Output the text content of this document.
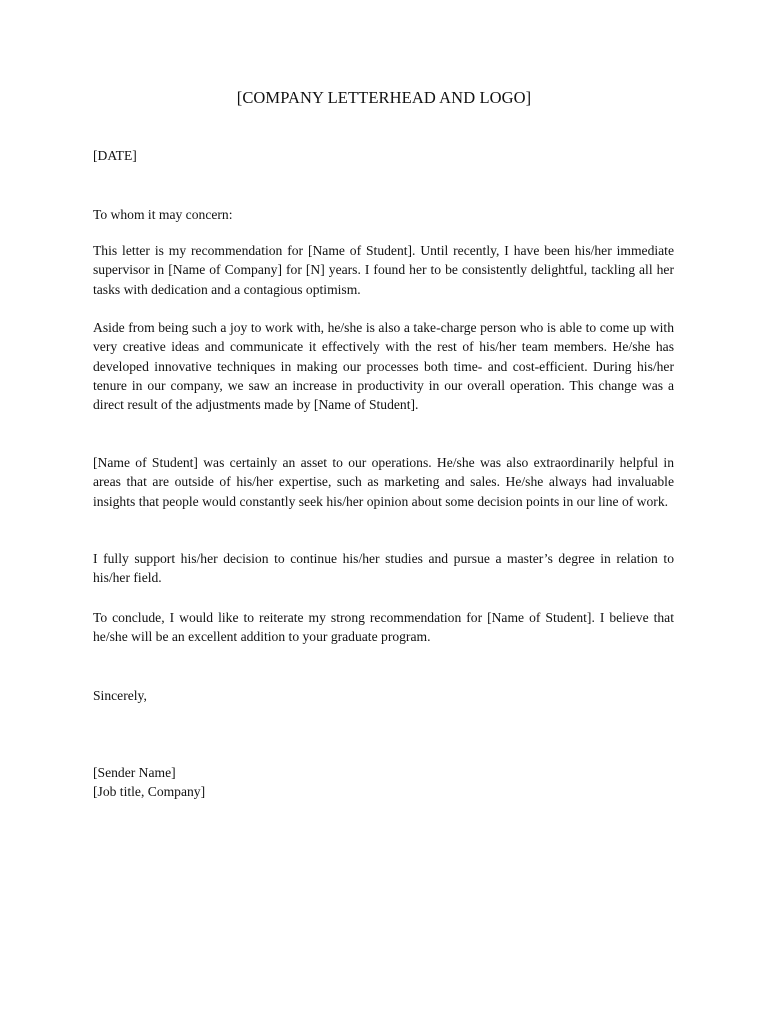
[COMPANY LETTERHEAD AND LOGO]

[DATE]

To whom it may concern:

This letter is my recommendation for [Name of Student]. Until recently, I have been his/her immediate supervisor in [Name of Company] for [N] years. I found her to be consistently delightful, tackling all her tasks with dedication and a contagious optimism.

Aside from being such a joy to work with, he/she is also a take-charge person who is able to come up with very creative ideas and communicate it effectively with the rest of his/her team members. He/she has developed innovative techniques in making our processes both time- and cost-efficient. During his/her tenure in our company, we saw an increase in productivity in our overall operation. This change was a direct result of the adjustments made by [Name of Student].

[Name of Student] was certainly an asset to our operations. He/she was also extraordinarily helpful in areas that are outside of his/her expertise, such as marketing and sales. He/she always had invaluable insights that people would constantly seek his/her opinion about some decision points in our line of work.

I fully support his/her decision to continue his/her studies and pursue a master’s degree in relation to his/her field.

To conclude, I would like to reiterate my strong recommendation for [Name of Student]. I believe that he/she will be an excellent addition to your graduate program.

Sincerely,

[Sender Name]

[Job title, Company]
